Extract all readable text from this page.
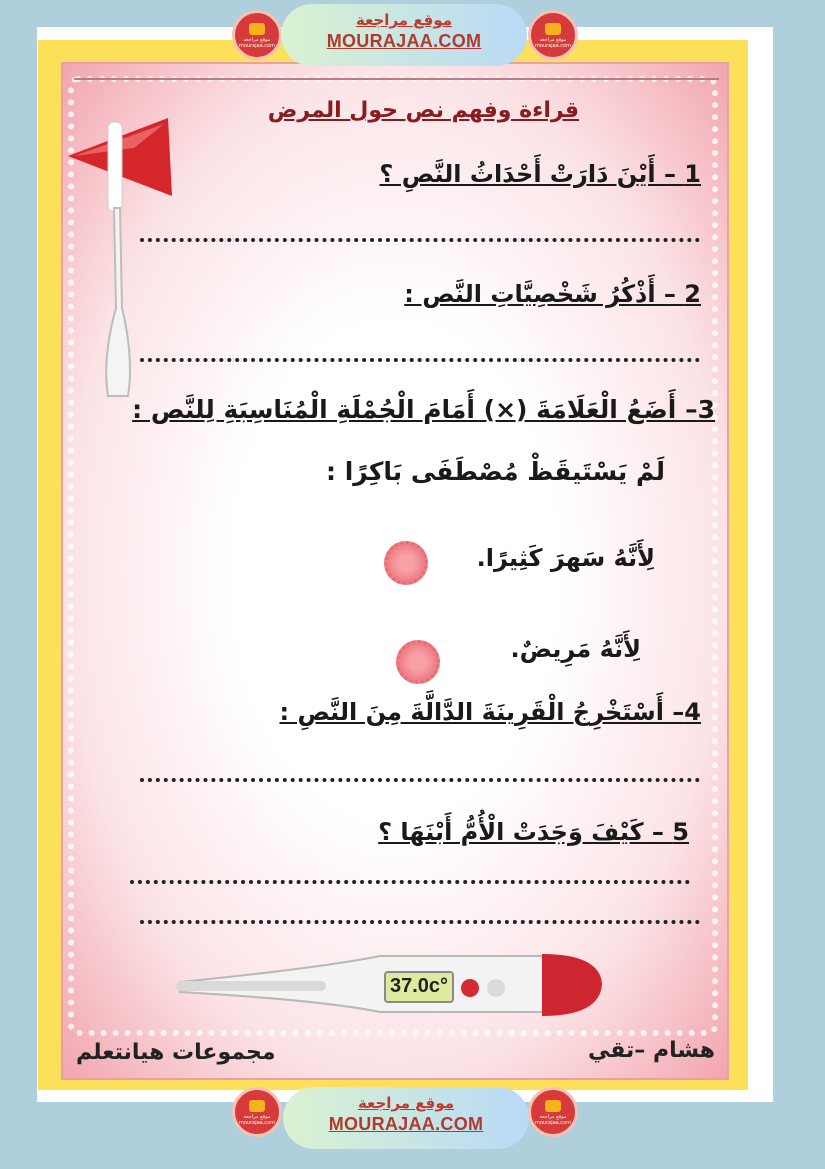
موقع مراجعة mourajaa.com
موقع مراجعة
MOURAJAA.COM	موقع مراجعة mourajaa.com
قراءة وفهم نص حول المرض
1 – أَيْنَ دَارَتْ أَحْدَاثُ النَّصِ ؟
2 – أَذْكُرُ شَخْصِيَّاتِ النَّص :
3– أَضَعُ الْعَلَامَةَ (×) أَمَامَ الْجُمْلَةِ الْمُنَاسِبَةِ لِلنَّص :
لَمْ يَسْتَيقَظْ مُصْطَفَى بَاكِرًا :
لِأَنَّهُ سَهرَ كَثِيرًا.
لِأَنَّهُ مَرِيضٌ.
4– أَسْتَخْرِجُ الْقَرِينَةَ الدَّالَّةَ مِنَ النَّصِ :
5 – كَيْفَ وَجَدَتْ الْأُمُّ أَبْنَهَا ؟
37.0c°
مجموعات هيانتعلم	هشام –تقي
موقع مراجعة mourajaa.com
موقع مراجعة
MOURAJAA.COM	موقع مراجعة mourajaa.com
